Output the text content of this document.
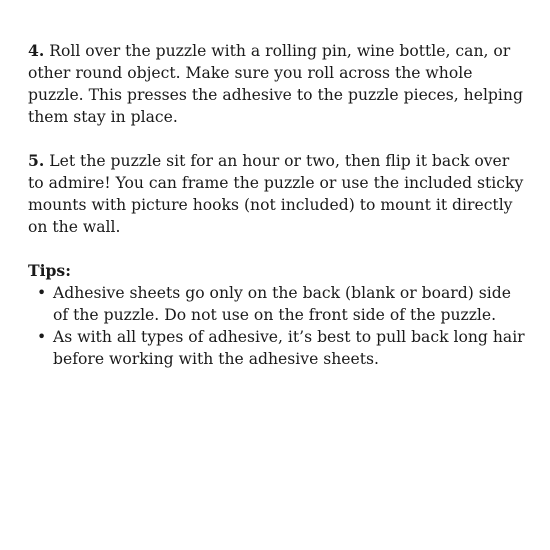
4. Roll over the puzzle with a rolling pin, wine bottle, can, or other round object. Make sure you roll across the whole puzzle. This presses the adhesive to the puzzle pieces, helping them stay in place.

5. Let the puzzle sit for an hour or two, then flip it back over to admire! You can frame the puzzle or use the included sticky mounts with picture hooks (not included) to mount it directly on the wall.

Tips:

• Adhesive sheets go only on the back (blank or board) side of the puzzle. Do not use on the front side of the puzzle.
• As with all types of adhesive, it’s best to pull back long hair before working with the adhesive sheets.
